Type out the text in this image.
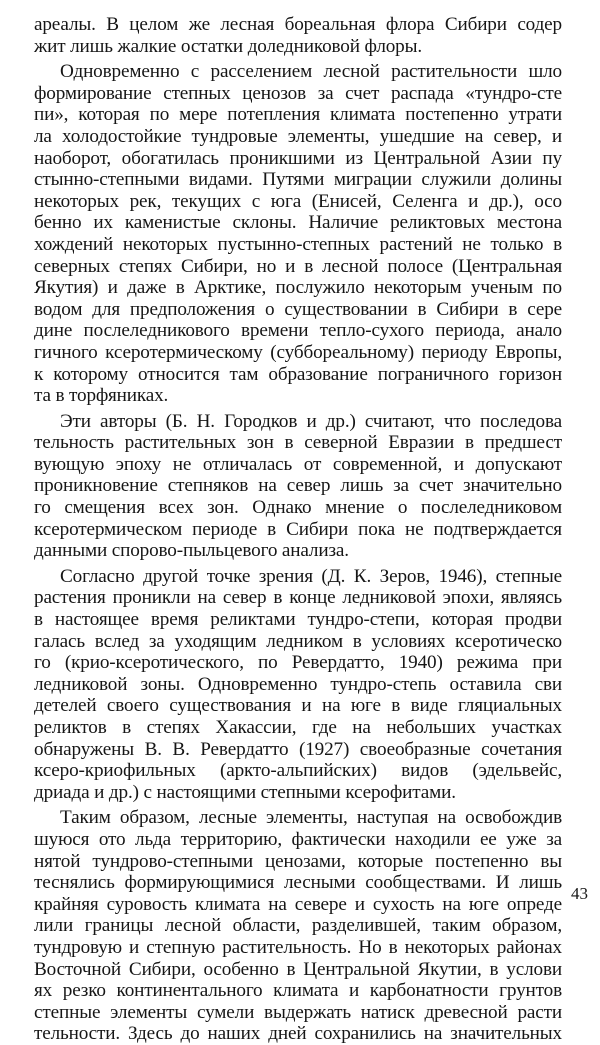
ареалы. В целом же лесная бореальная флора Сибири содер
жит лишь жалкие остатки доледниковой флоры.

Одновременно с расселением лесной растительности шло
формирование степных ценозов за счет распада «тундро-сте
пи», которая по мере потепления климата постепенно утрати
ла холодостойкие тундровые элементы, ушедшие на север, и
наоборот, обогатилась проникшими из Центральной Азии пу
стынно-степными видами. Путями миграции служили долины
некоторых рек, текущих с юга (Енисей, Селенга и др.), осо
бенно их каменистые склоны. Наличие реликтовых местона
хождений некоторых пустынно-степных растений не только в
северных степях Сибири, но и в лесной полосе (Центральная
Якутия) и даже в Арктике, послужило некоторым ученым по
водом для предположения о существовании в Сибири в сере
дине послеледникового времени тепло-сухого периода, анало
гичного ксеротермическому (суббореальному) периоду Европы,
к которому относится там образование пограничного горизон
та в торфяниках.

Эти авторы (Б. Н. Городков и др.) считают, что последова
тельность растительных зон в северной Евразии в предшест
вующую эпоху не отличалась от современной, и допускают
проникновение степняков на север лишь за счет значительно
го смещения всех зон. Однако мнение о послеледниковом
ксеротермическом периоде в Сибири пока не подтверждается
данными спорово-пыльцевого анализа.

Согласно другой точке зрения (Д. К. Зеров, 1946), степные
растения проникли на север в конце ледниковой эпохи, являясь
в настоящее время реликтами тундро-степи, которая продви
галась вслед за уходящим ледником в условиях ксеротическо
го (крио-ксеротического, по Ревердатто, 1940) режима при
ледниковой зоны. Одновременно тундро-степь оставила сви
детелей своего существования и на юге в виде гляциальных
реликтов в степях Хакассии, где на небольших участках
обнаружены В. В. Ревердатто (1927) своеобразные сочетания
ксеро-криофильных (аркто-альпийских) видов (эдельвейс,
дриада и др.) с настоящими степными ксерофитами.

Таким образом, лесные элементы, наступая на освобождив
шуюся ото льда территорию, фактически находили ее уже за
нятой тундрово-степными ценозами, которые постепенно вы
теснялись формирующимися лесными сообществами. И лишь
крайняя суровость климата на севере и сухость на юге опреде
лили границы лесной области, разделившей, таким образом,
тундровую и степную растительность. Но в некоторых районах
Восточной Сибири, особенно в Центральной Якутии, в услови
ях резко континентального климата и карбонатности грунтов
степные элементы сумели выдержать натиск древесной расти
тельности. Здесь до наших дней сохранились на значительных

43
